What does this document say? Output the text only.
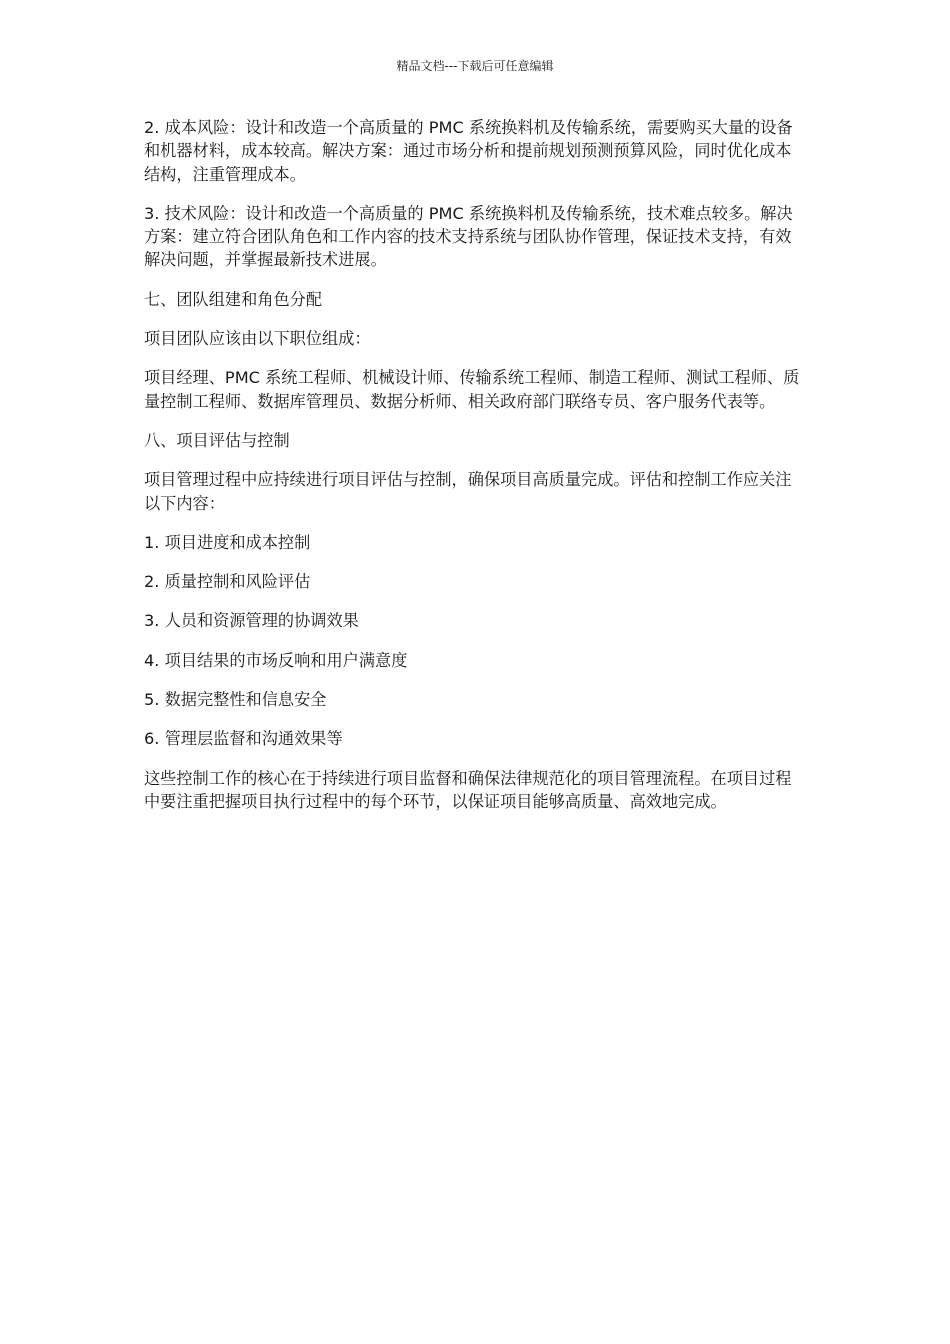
精品文档---下载后可任意编辑

2. 成本风险：设计和改造一个高质量的 PMC 系统换料机及传输系统，需要购买大量的设备和机器材料，成本较高。解决方案：通过市场分析和提前规划预测预算风险，同时优化成本结构，注重管理成本。

3. 技术风险：设计和改造一个高质量的 PMC 系统换料机及传输系统，技术难点较多。解决方案：建立符合团队角色和工作内容的技术支持系统与团队协作管理，保证技术支持，有效解决问题，并掌握最新技术进展。

七、团队组建和角色分配

项目团队应该由以下职位组成：

项目经理、PMC 系统工程师、机械设计师、传输系统工程师、制造工程师、测试工程师、质量控制工程师、数据库管理员、数据分析师、相关政府部门联络专员、客户服务代表等。

八、项目评估与控制

项目管理过程中应持续进行项目评估与控制，确保项目高质量完成。评估和控制工作应关注以下内容：

1. 项目进度和成本控制

2. 质量控制和风险评估

3. 人员和资源管理的协调效果

4. 项目结果的市场反响和用户满意度

5. 数据完整性和信息安全

6. 管理层监督和沟通效果等

这些控制工作的核心在于持续进行项目监督和确保法律规范化的项目管理流程。在项目过程中要注重把握项目执行过程中的每个环节，以保证项目能够高质量、高效地完成。
